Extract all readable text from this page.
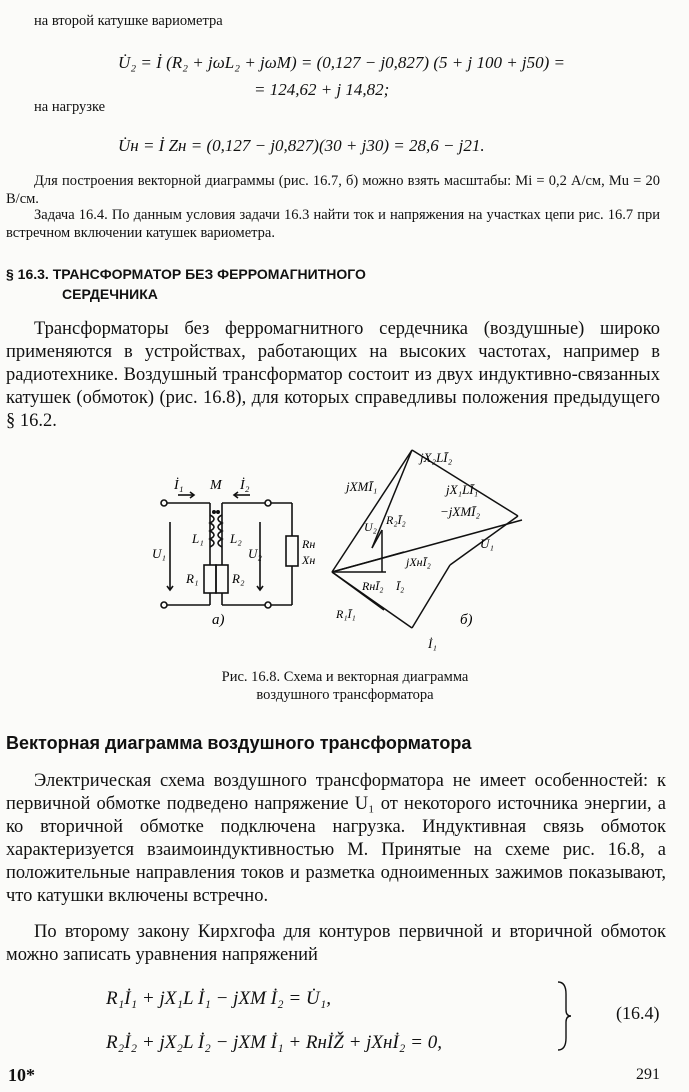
на второй катушке вариометра
U̇₂ = İ (R₂ + jωL₂ + jωM) = (0,127 − j0,827) (5 + j 100 + j50) =
= 124,62 + j 14,82;
на нагрузке
U̇н = İ Zн = (0,127 − j0,827)(30 + j30) = 28,6 − j21.
Для построения векторной диаграммы (рис. 16.7, б) можно взять масштабы: Mi = 0,2 А/см, Mu = 20 В/см.
Задача 16.4. По данным условия задачи 16.3 найти ток и напряжения на участках цепи рис. 16.7 при встречном включении катушек вариометра.
§ 16.3. ТРАНСФОРМАТОР БЕЗ ФЕРРОМАГНИТНОГО
СЕРДЕЧНИКА
Трансформаторы без ферромагнитного сердечника (воздушные) широко применяются в устройствах, работающих на высоких частотах, например в радиотехнике. Воздушный трансформатор состоит из двух индуктивно-связанных катушек (обмоток) (рис. 16.8), для которых справедливы положения предыдущего § 16.2.
İ₁ M İ₂
L₁ L₂
R₁	R₂
U₁	U₂
Rн
Xн
а)
jXMĪ₁
jX₂LĪ₂
jX₁LĪ₁
−jXMĪ₂
U₂ R₂Ī₂
jXнĪ₂
U₁
RнĪ₂ Ī₂
R₁Ī₁
İ₁
б)
Рис. 16.8. Схема и векторная диаграмма
воздушного трансформатора
Векторная диаграмма воздушного трансформатора
Электрическая схема воздушного трансформатора не имеет особенностей: к первичной обмотке подведено напряжение U₁ от некоторого источника энергии, а ко вторичной обмотке подключена нагрузка. Индуктивная связь обмоток характеризуется взаимоиндуктивностью M. Принятые на схеме рис. 16.8, а положительные направления токов и разметка одноименных зажимов показывают, что катушки включены встречно.
По второму закону Кирхгофа для контуров первичной и вторичной обмоток можно записать уравнения напряжений
R₁İ₁ + jX₁L İ₁ − jXM İ₂ = U̇₁,
R₂İ₂ + jX₂L İ₂ − jXM İ₁ + RнİŽ + jXнİ₂ = 0,
(16.4)
10*	291
